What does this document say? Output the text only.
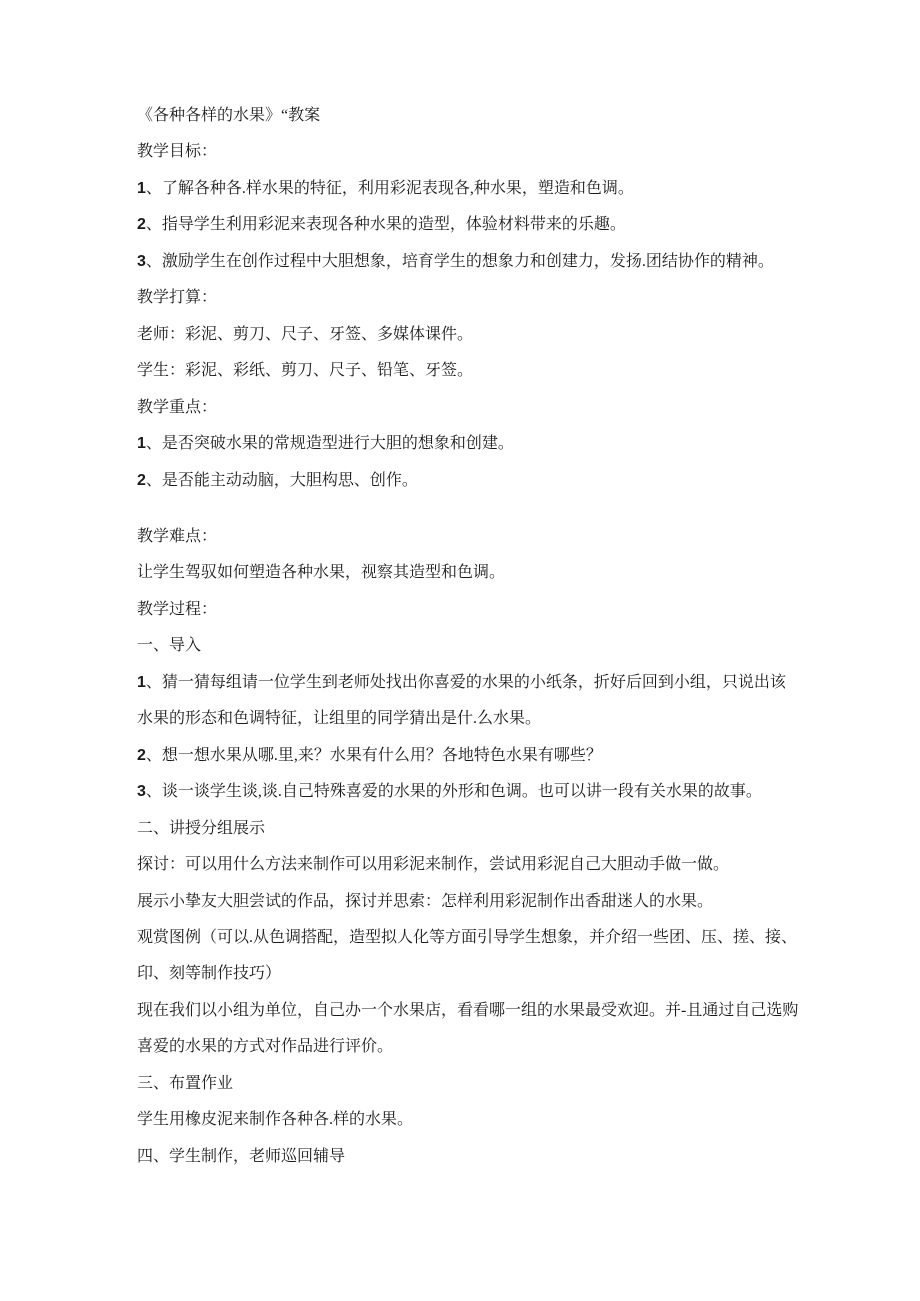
《各种各样的水果》“教案

教学目标：

1、了解各种各.样水果的特征，利用彩泥表现各,种水果，塑造和色调。

2、指导学生利用彩泥来表现各种水果的造型，体验材料带来的乐趣。

3、激励学生在创作过程中大胆想象，培育学生的想象力和创建力，发扬.团结协作的精神。

教学打算：

老师：彩泥、剪刀、尺子、牙签、多媒体课件。

学生：彩泥、彩纸、剪刀、尺子、铅笔、牙签。

教学重点：

1、是否突破水果的常规造型进行大胆的想象和创建。

2、是否能主动动脑，大胆构思、创作。

教学难点：

让学生驾驭如何塑造各种水果，视察其造型和色调。

教学过程：

一、导入

1、猜一猜每组请一位学生到老师处找出你喜爱的水果的小纸条，折好后回到小组，只说出该水果的形态和色调特征，让组里的同学猜出是什.么水果。

2、想一想水果从哪.里,来？水果有什么用？各地特色水果有哪些？

3、谈一谈学生谈,谈.自己特殊喜爱的水果的外形和色调。也可以讲一段有关水果的故事。

二、讲授分组展示

探讨：可以用什么方法来制作可以用彩泥来制作，尝试用彩泥自己大胆动手做一做。

展示小挚友大胆尝试的作品，探讨并思索：怎样利用彩泥制作出香甜迷人的水果。

观赏图例（可以.从色调搭配，造型拟人化等方面引导学生想象，并介绍一些团、压、搓、接、印、刻等制作技巧）

现在我们以小组为单位，自己办一个水果店，看看哪一组的水果最受欢迎。并-且通过自己选购喜爱的水果的方式对作品进行评价。

三、布置作业

学生用橡皮泥来制作各种各.样的水果。

四、学生制作，老师巡回辅导
